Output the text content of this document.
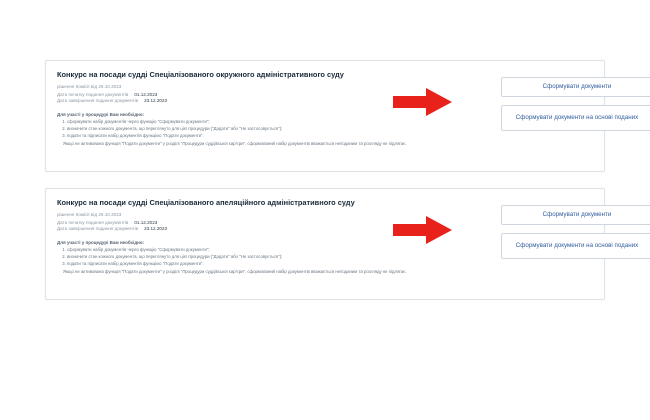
Конкурс на посади судді Спеціалізованого окружного адміністративного суду
рішення Комісії від 29.10.2023
Дата початку подання документів 01.12.2023
Дата завершення подання документів 23.12.2023
Для участі у процедурі Вам необхідно:
1. сформувати набір документів через функцію "Сформувати документи";
2. визначити стан кожного документа, що переглянуто для цієї процедури ("Додати" або "Не застосовується");
3. подати та підписати набір документів функцією "Подати документи".
Якщо не активована функція "Подати документи" у розділі "Процедури суддівської кар'єри", сформований набір документів вважається неподаним та розгляду не підлягає.
Сформувати документи
Сформувати документи на основі поданих
Конкурс на посади судді Спеціалізованого апеляційного адміністративного суду
рішення Комісії від 29.10.2023
Дата початку подання документів 01.12.2023
Дата завершення подання документів 23.12.2023
Для участі у процедурі Вам необхідно:
1. сформувати набір документів через функцію "Сформувати документи";
2. визначити стан кожного документа, що переглянуто для цієї процедури ("Додати" або "Не застосовується");
3. подати та підписати набір документів функцією "Подати документи".
Якщо не активована функція "Подати документи" у розділі "Процедури суддівської кар'єри", сформований набір документів вважається неподаним та розгляду не підлягає.
Сформувати документи
Сформувати документи на основі поданих
